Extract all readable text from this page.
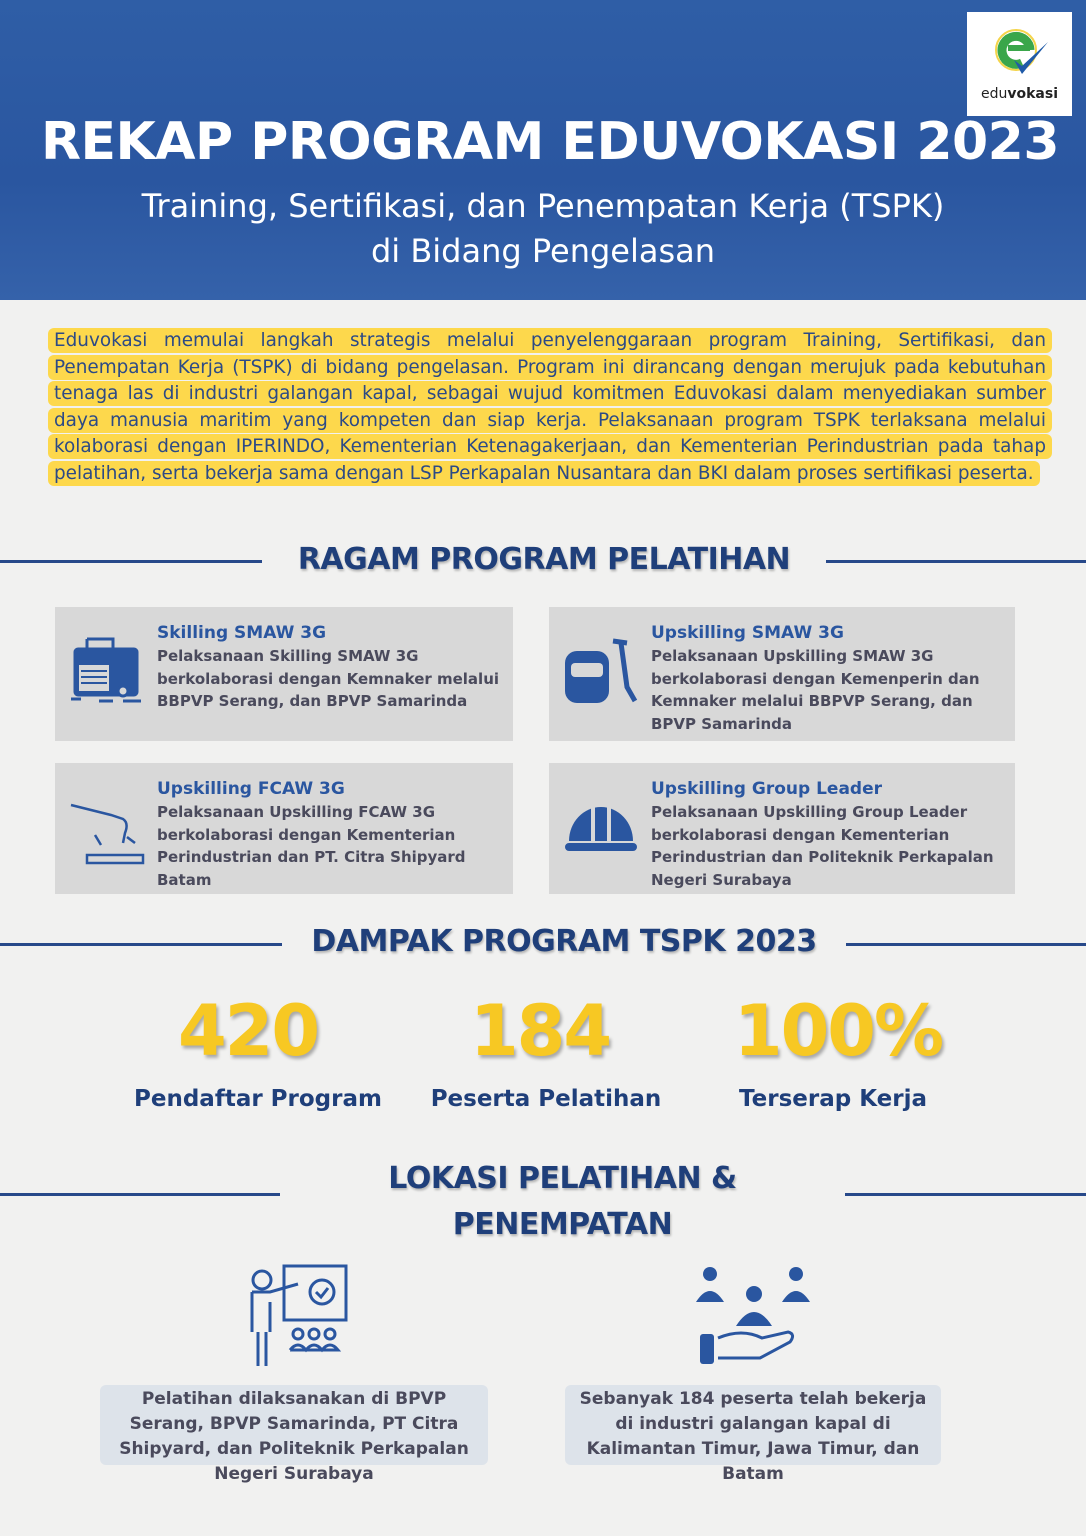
eduvokasi
REKAP PROGRAM EDUVOKASI 2023
Training, Sertifikasi, dan Penempatan Kerja (TSPK)
di Bidang Pengelasan
Eduvokasi memulai langkah strategis melalui penyelenggaraan program Training, Sertifikasi, dan Penempatan Kerja (TSPK) di bidang pengelasan. Program ini dirancang dengan merujuk pada kebutuhan tenaga las di industri galangan kapal, sebagai wujud komitmen Eduvokasi dalam menyediakan sumber daya manusia maritim yang kompeten dan siap kerja. Pelaksanaan program TSPK terlaksana melalui kolaborasi dengan IPERINDO, Kementerian Ketenagakerjaan, dan Kementerian Perindustrian pada tahap pelatihan, serta bekerja sama dengan LSP Perkapalan Nusantara dan BKI dalam proses sertifikasi peserta.
RAGAM PROGRAM PELATIHAN
Skilling SMAW 3G

Pelaksanaan Skilling SMAW 3G berkolaborasi dengan Kemnaker melalui BBPVP Serang, dan BPVP Samarinda

Upskilling SMAW 3G

Pelaksanaan Upskilling SMAW 3G berkolaborasi dengan Kemenperin dan Kemnaker melalui BBPVP Serang, dan BPVP Samarinda

Upskilling FCAW 3G

Pelaksanaan Upskilling FCAW 3G berkolaborasi dengan Kementerian Perindustrian dan PT. Citra Shipyard Batam

Upskilling Group Leader

Pelaksanaan Upskilling Group Leader berkolaborasi dengan Kementerian Perindustrian dan Politeknik Perkapalan Negeri Surabaya

DAMPAK PROGRAM TSPK 2023
420
Pendaftar Program
184
Peserta Pelatihan
100%
Terserap Kerja
LOKASI PELATIHAN &
PENEMPATAN
Pelatihan dilaksanakan di BPVP Serang, BPVP Samarinda, PT Citra Shipyard, dan Politeknik Perkapalan Negeri Surabaya
Sebanyak 184 peserta telah bekerja di industri galangan kapal di Kalimantan Timur, Jawa Timur, dan Batam
